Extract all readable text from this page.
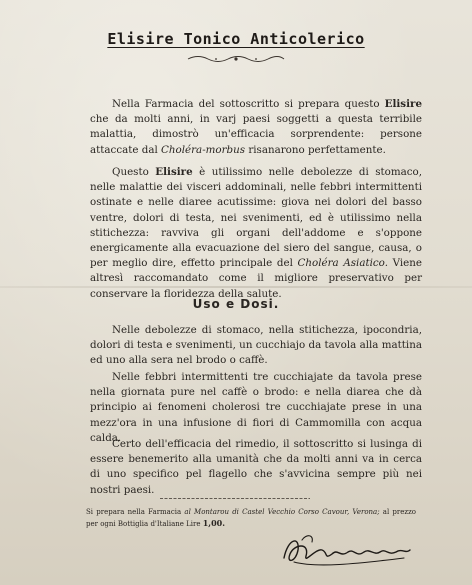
Elisire Tonico Anticolerico

Nella Farmacia del sottoscritto si prepara questo Elisire che da molti anni, in varj paesi soggetti a questa terribile malattia, dimostrò un'efficacia sorprendente: persone attaccate dal Choléra-morbus risanarono perfettamente.

Questo Elisire è utilissimo nelle debolezze di stomaco, nelle malattie dei visceri addominali, nelle febbri intermittenti ostinate e nelle diaree acutissime: giova nei dolori del basso ventre, dolori di testa, nei svenimenti, ed è utilissimo nella stitichezza: ravviva gli organi dell'addome e s'oppone energicamente alla evacuazione del siero del sangue, causa, o per meglio dire, effetto principale del Choléra Asiatico. Viene altresì raccomandato come il migliore preservativo per conservare la floridezza della salute.

Uso e Dosi.

Nelle debolezze di stomaco, nella stitichezza, ipocondria, dolori di testa e svenimenti, un cucchiajo da tavola alla mattina ed uno alla sera nel brodo o caffè.

Nelle febbri intermittenti tre cucchiajate da tavola prese nella giornata pure nel caffè o brodo: e nella diarea che dà principio ai fenomeni cholerosi tre cucchiajate prese in una mezz'ora in una infusione di fiori di Cammomilla con acqua calda.

Certo dell'efficacia del rimedio, il sottoscritto si lusinga di essere benemerito alla umanità che da molti anni va in cerca di uno specifico pel flagello che s'avvicina sempre più nei nostri paesi.

Si prepara nella Farmacia al Montarou di Castel Vecchio Corso Cavour, Verona; al prezzo per ogni Bottiglia d'Italiane Lire 1,00.
